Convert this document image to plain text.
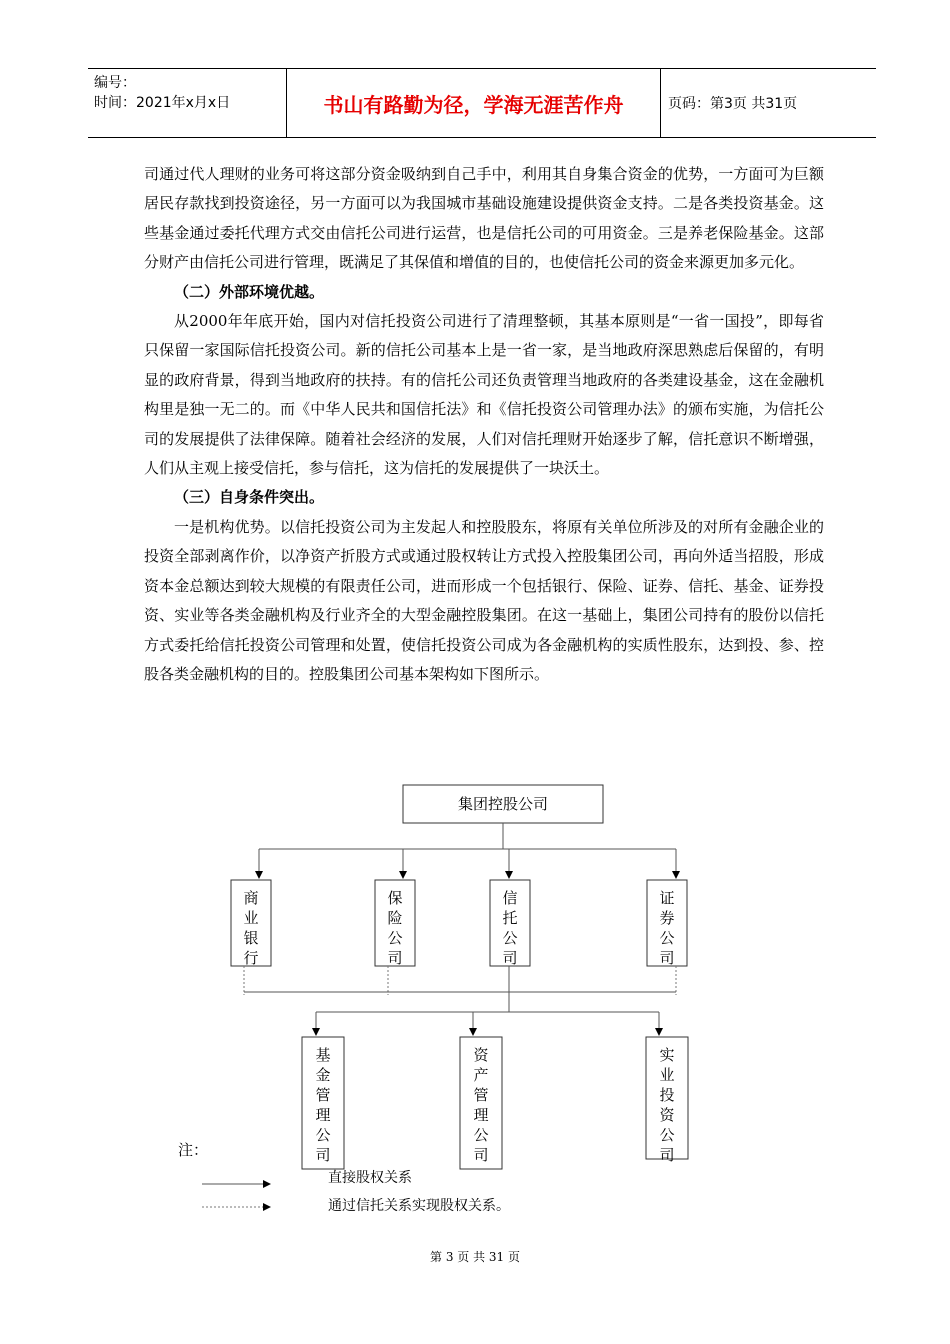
编号：
时间：2021年x月x日	书山有路勤为径，学海无涯苦作舟	页码：第3页 共31页

司通过代人理财的业务可将这部分资金吸纳到自己手中，利用其自身集合资金的优势，一方面可为巨额居民存款找到投资途径，另一方面可以为我国城市基础设施建设提供资金支持。二是各类投资基金。这些基金通过委托代理方式交由信托公司进行运营，也是信托公司的可用资金。三是养老保险基金。这部分财产由信托公司进行管理，既满足了其保值和增值的目的，也使信托公司的资金来源更加多元化。

（二）外部环境优越。

从2000年年底开始，国内对信托投资公司进行了清理整顿，其基本原则是“一省一国投”，即每省只保留一家国际信托投资公司。新的信托公司基本上是一省一家，是当地政府深思熟虑后保留的，有明显的政府背景，得到当地政府的扶持。有的信托公司还负责管理当地政府的各类建设基金，这在金融机构里是独一无二的。而《中华人民共和国信托法》和《信托投资公司管理办法》的颁布实施，为信托公司的发展提供了法律保障。随着社会经济的发展，人们对信托理财开始逐步了解，信托意识不断增强，人们从主观上接受信托，参与信托，这为信托的发展提供了一块沃土。

（三）自身条件突出。

一是机构优势。以信托投资公司为主发起人和控股股东，将原有关单位所涉及的对所有金融企业的投资全部剥离作价，以净资产折股方式或通过股权转让方式投入控股集团公司，再向外适当招股，形成资本金总额达到较大规模的有限责任公司，进而形成一个包括银行、保险、证券、信托、基金、证券投资、实业等各类金融机构及行业齐全的大型金融控股集团。在这一基础上，集团公司持有的股份以信托方式委托给信托投资公司管理和处置，使信托投资公司成为各金融机构的实质性股东，达到投、参、控股各类金融机构的目的。控股集团公司基本架构如下图所示。

集团控股公司
商业银行
保险公司
信托公司
证券公司
基金管理公司
资产管理公司
实业投资公司
注：
直接股权关系
通过信托关系实现股权关系。
第 3 页 共 31 页
